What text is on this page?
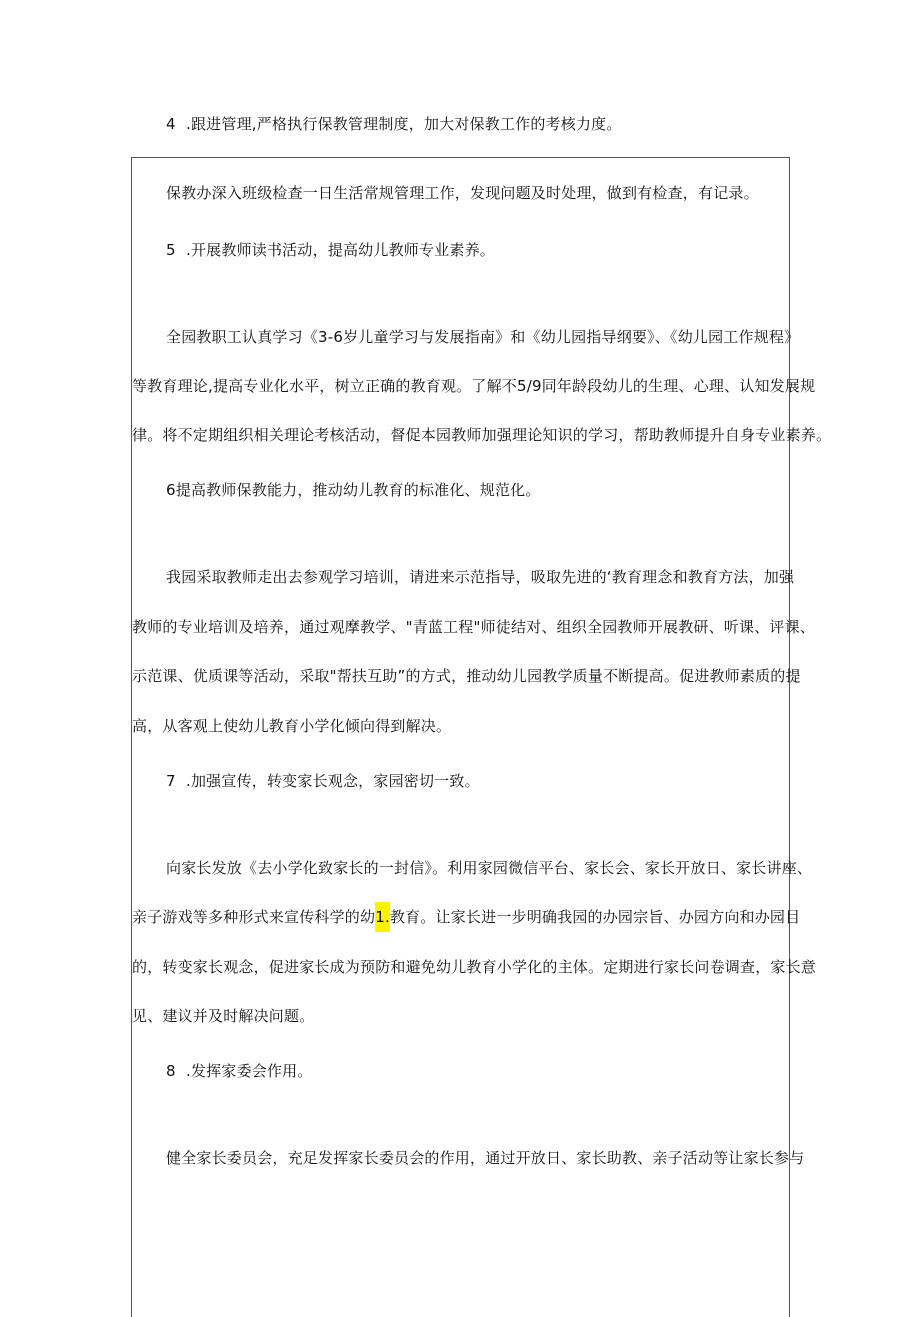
4 .跟进管理,严格执行保教管理制度，加大对保教工作的考核力度。
保教办深入班级检查一日生活常规管理工作，发现问题及时处理，做到有检查，有记录。
5 .开展教师读书活动，提高幼儿教师专业素养。
全园教职工认真学习《3-6岁儿童学习与发展指南》和《幼儿园指导纲要》、《幼儿园工作规程》
等教育理论,提高专业化水平，树立正确的教育观。了解不5/9同年龄段幼儿的生理、心理、认知发展规
律。将不定期组织相关理论考核活动，督促本园教师加强理论知识的学习，帮助教师提升自身专业素养。
6提高教师保教能力，推动幼儿教育的标准化、规范化。
我园采取教师走出去参观学习培训，请进来示范指导，吸取先进的‘教育理念和教育方法，加强
教师的专业培训及培养，通过观摩教学、"青蓝工程"师徒结对、组织全园教师开展教研、听课、评课、
示范课、优质课等活动，采取"帮扶互助”的方式，推动幼儿园教学质量不断提高。促进教师素质的提
高，从客观上使幼儿教育小学化倾向得到解决。
7 .加强宣传，转变家长观念，家园密切一致。
向家长发放《去小学化致家长的一封信》。利用家园微信平台、家长会、家长开放日、家长讲座、
亲子游戏等多种形式来宣传科学的幼1.教育。让家长进一步明确我园的办园宗旨、办园方向和办园目
的，转变家长观念，促进家长成为预防和避免幼儿教育小学化的主体。定期进行家长问卷调查，家长意
见、建议并及时解决问题。
8 .发挥家委会作用。
健全家长委员会，充足发挥家长委员会的作用，通过开放日、家长助教、亲子活动等让家长参与
